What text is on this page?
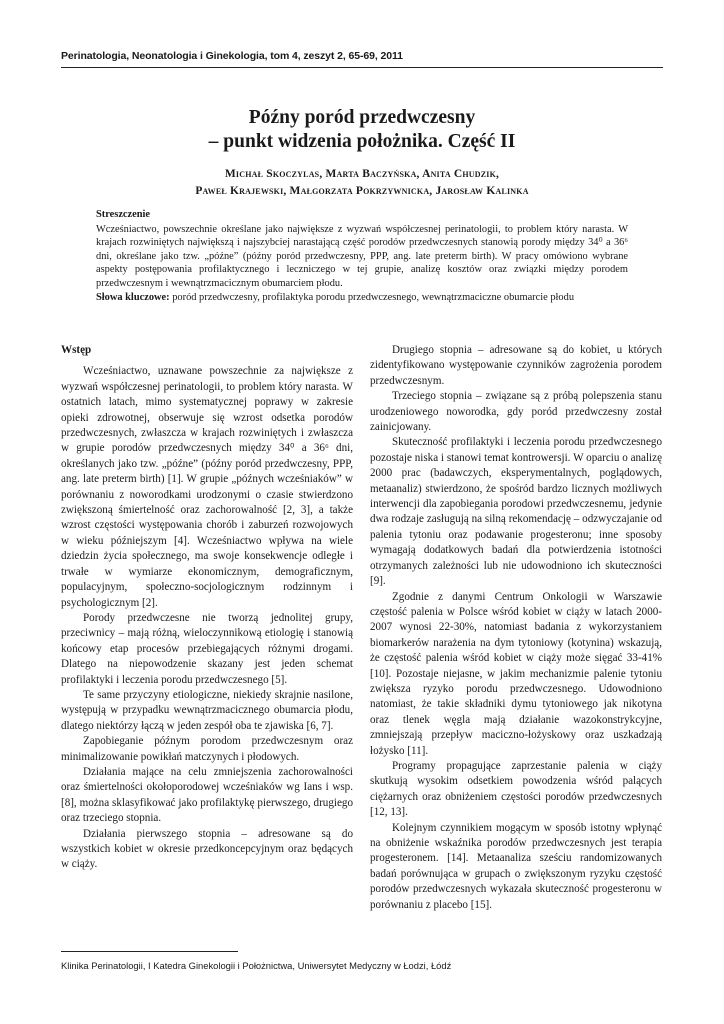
Perinatologia, Neonatologia i Ginekologia, tom 4, zeszyt 2, 65-69, 2011
Późny poród przedwczesny
– punkt widzenia położnika. Część II
Michał Skoczylas, Marta Baczyńska, Anita Chudzik,
Paweł Krajewski, Małgorzata Pokrzywnicka, Jarosław Kalinka
Streszczenie

Wcześniactwo, powszechnie określane jako największe z wyzwań współczesnej perinatologii, to problem który narasta. W krajach rozwiniętych największą i najszybciej narastającą część porodów przedwczesnych stanowią porody między 34⁰ a 36⁶ dni, określane jako tzw. „późne” (późny poród przedwczesny, PPP, ang. late preterm birth). W pracy omówiono wybrane aspekty postępowania profilaktycznego i leczniczego w tej grupie, analizę kosztów oraz związki między porodem przedwczesnym i wewnątrzmacicznym obumarciem płodu.

Słowa kluczowe: poród przedwczesny, profilaktyka porodu przedwczesnego, wewnątrzmaciczne obumarcie płodu

Wstęp

Wcześniactwo, uznawane powszechnie za największe z wyzwań współczesnej perinatologii, to problem który narasta. W ostatnich latach, mimo systematycznej poprawy w zakresie opieki zdrowotnej, obserwuje się wzrost odsetka porodów przedwczesnych, zwłaszcza w krajach rozwiniętych i zwłaszcza w grupie porodów przedwczesnych między 34⁰ a 36⁶ dni, określanych jako tzw. „późne” (późny poród przedwczesny, PPP, ang. late preterm birth) [1]. W grupie „późnych wcześniaków” w porównaniu z noworodkami urodzonymi o czasie stwierdzono zwiększoną śmiertelność oraz zachorowalność [2, 3], a także wzrost częstości występowania chorób i zaburzeń rozwojowych w wieku późniejszym [4]. Wcześniactwo wpływa na wiele dziedzin życia społecznego, ma swoje konsekwencje odległe i trwałe w wymiarze ekonomicznym, demograficznym, populacyjnym, społeczno-socjologicznym rodzinnym i psychologicznym [2].

Porody przedwczesne nie tworzą jednolitej grupy, przeciwnicy – mają różną, wieloczynnikową etiologię i stanowią końcowy etap procesów przebiegających różnymi drogami. Dlatego na niepowodzenie skazany jest jeden schemat profilaktyki i leczenia porodu przedwczesnego [5].

Te same przyczyny etiologiczne, niekiedy skrajnie nasilone, występują w przypadku wewnątrzmacicznego obumarcia płodu, dlatego niektórzy łączą w jeden zespół oba te zjawiska [6, 7].

Zapobieganie późnym porodom przedwczesnym oraz minimalizowanie powikłań matczynych i płodowych.

Działania mające na celu zmniejszenia zachorowalności oraz śmiertelności okołoporodowej wcześniaków wg Ians i wsp. [8], można sklasyfikować jako profilaktykę pierwszego, drugiego oraz trzeciego stopnia.

Działania pierwszego stopnia – adresowane są do wszystkich kobiet w okresie przedkoncepcyjnym oraz będących w ciąży.

Drugiego stopnia – adresowane są do kobiet, u których zidentyfikowano występowanie czynników zagrożenia porodem przedwczesnym.

Trzeciego stopnia – związane są z próbą polepszenia stanu urodzeniowego noworodka, gdy poród przedwczesny został zainicjowany.

Skuteczność profilaktyki i leczenia porodu przedwczesnego pozostaje niska i stanowi temat kontrowersji. W oparciu o analizę 2000 prac (badawczych, eksperymentalnych, poglądowych, metaanaliz) stwierdzono, że spośród bardzo licznych możliwych interwencji dla zapobiegania porodowi przedwczesnemu, jedynie dwa rodzaje zasługują na silną rekomendację – odzwyczajanie od palenia tytoniu oraz podawanie progesteronu; inne sposoby wymagają dodatkowych badań dla potwierdzenia istotności otrzymanych zależności lub nie udowodniono ich skuteczności [9].

Zgodnie z danymi Centrum Onkologii w Warszawie częstość palenia w Polsce wśród kobiet w ciąży w latach 2000-2007 wynosi 22-30%, natomiast badania z wykorzystaniem biomarkerów narażenia na dym tytoniowy (kotynina) wskazują, że częstość palenia wśród kobiet w ciąży może sięgać 33-41% [10]. Pozostaje niejasne, w jakim mechanizmie palenie tytoniu zwiększa ryzyko porodu przedwczesnego. Udowodniono natomiast, że takie składniki dymu tytoniowego jak nikotyna oraz tlenek węgla mają działanie wazokonstrykcyjne, zmniejszają przepływ maciczno-łożyskowy oraz uszkadzają łożysko [11].

Programy propagujące zaprzestanie palenia w ciąży skutkują wysokim odsetkiem powodzenia wśród palących ciężarnych oraz obniżeniem częstości porodów przedwczesnych [12, 13].

Kolejnym czynnikiem mogącym w sposób istotny wpłynąć na obniżenie wskaźnika porodów przedwczesnych jest terapia progesteronem. [14]. Metaanaliza sześciu randomizowanych badań porównująca w grupach o zwiększonym ryzyku częstość porodów przedwczesnych wykazała skuteczność progesteronu w porównaniu z placebo [15].

Klinika Perinatologii, I Katedra Ginekologii i Położnictwa, Uniwersytet Medyczny w Łodzi, Łódź
